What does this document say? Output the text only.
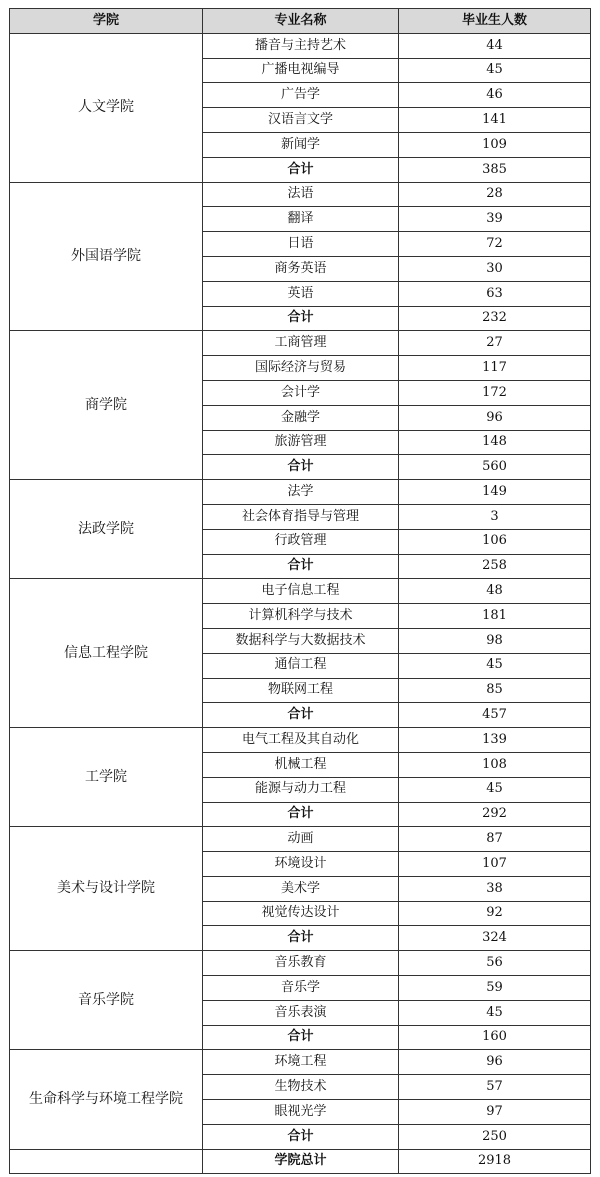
学院	专业名称	毕业生人数
人文学院	播音与主持艺术	44
	广播电视编导	45
	广告学	46
	汉语言文学	141
	新闻学	109
	合计	385
外国语学院	法语	28
	翻译	39
	日语	72
	商务英语	30
	英语	63
	合计	232
商学院	工商管理	27
	国际经济与贸易	117
	会计学	172
	金融学	96
	旅游管理	148
	合计	560
法政学院	法学	149
	社会体育指导与管理	3
	行政管理	106
	合计	258
信息工程学院	电子信息工程	48
	计算机科学与技术	181
	数据科学与大数据技术	98
	通信工程	45
	物联网工程	85
	合计	457
工学院	电气工程及其自动化	139
	机械工程	108
	能源与动力工程	45
	合计	292
美术与设计学院	动画	87
	环境设计	107
	美术学	38
	视觉传达设计	92
	合计	324
音乐学院	音乐教育	56
	音乐学	59
	音乐表演	45
	合计	160
生命科学与环境工程学院	环境工程	96
	生物技术	57
	眼视光学	97
	合计	250
	学院总计	2918
